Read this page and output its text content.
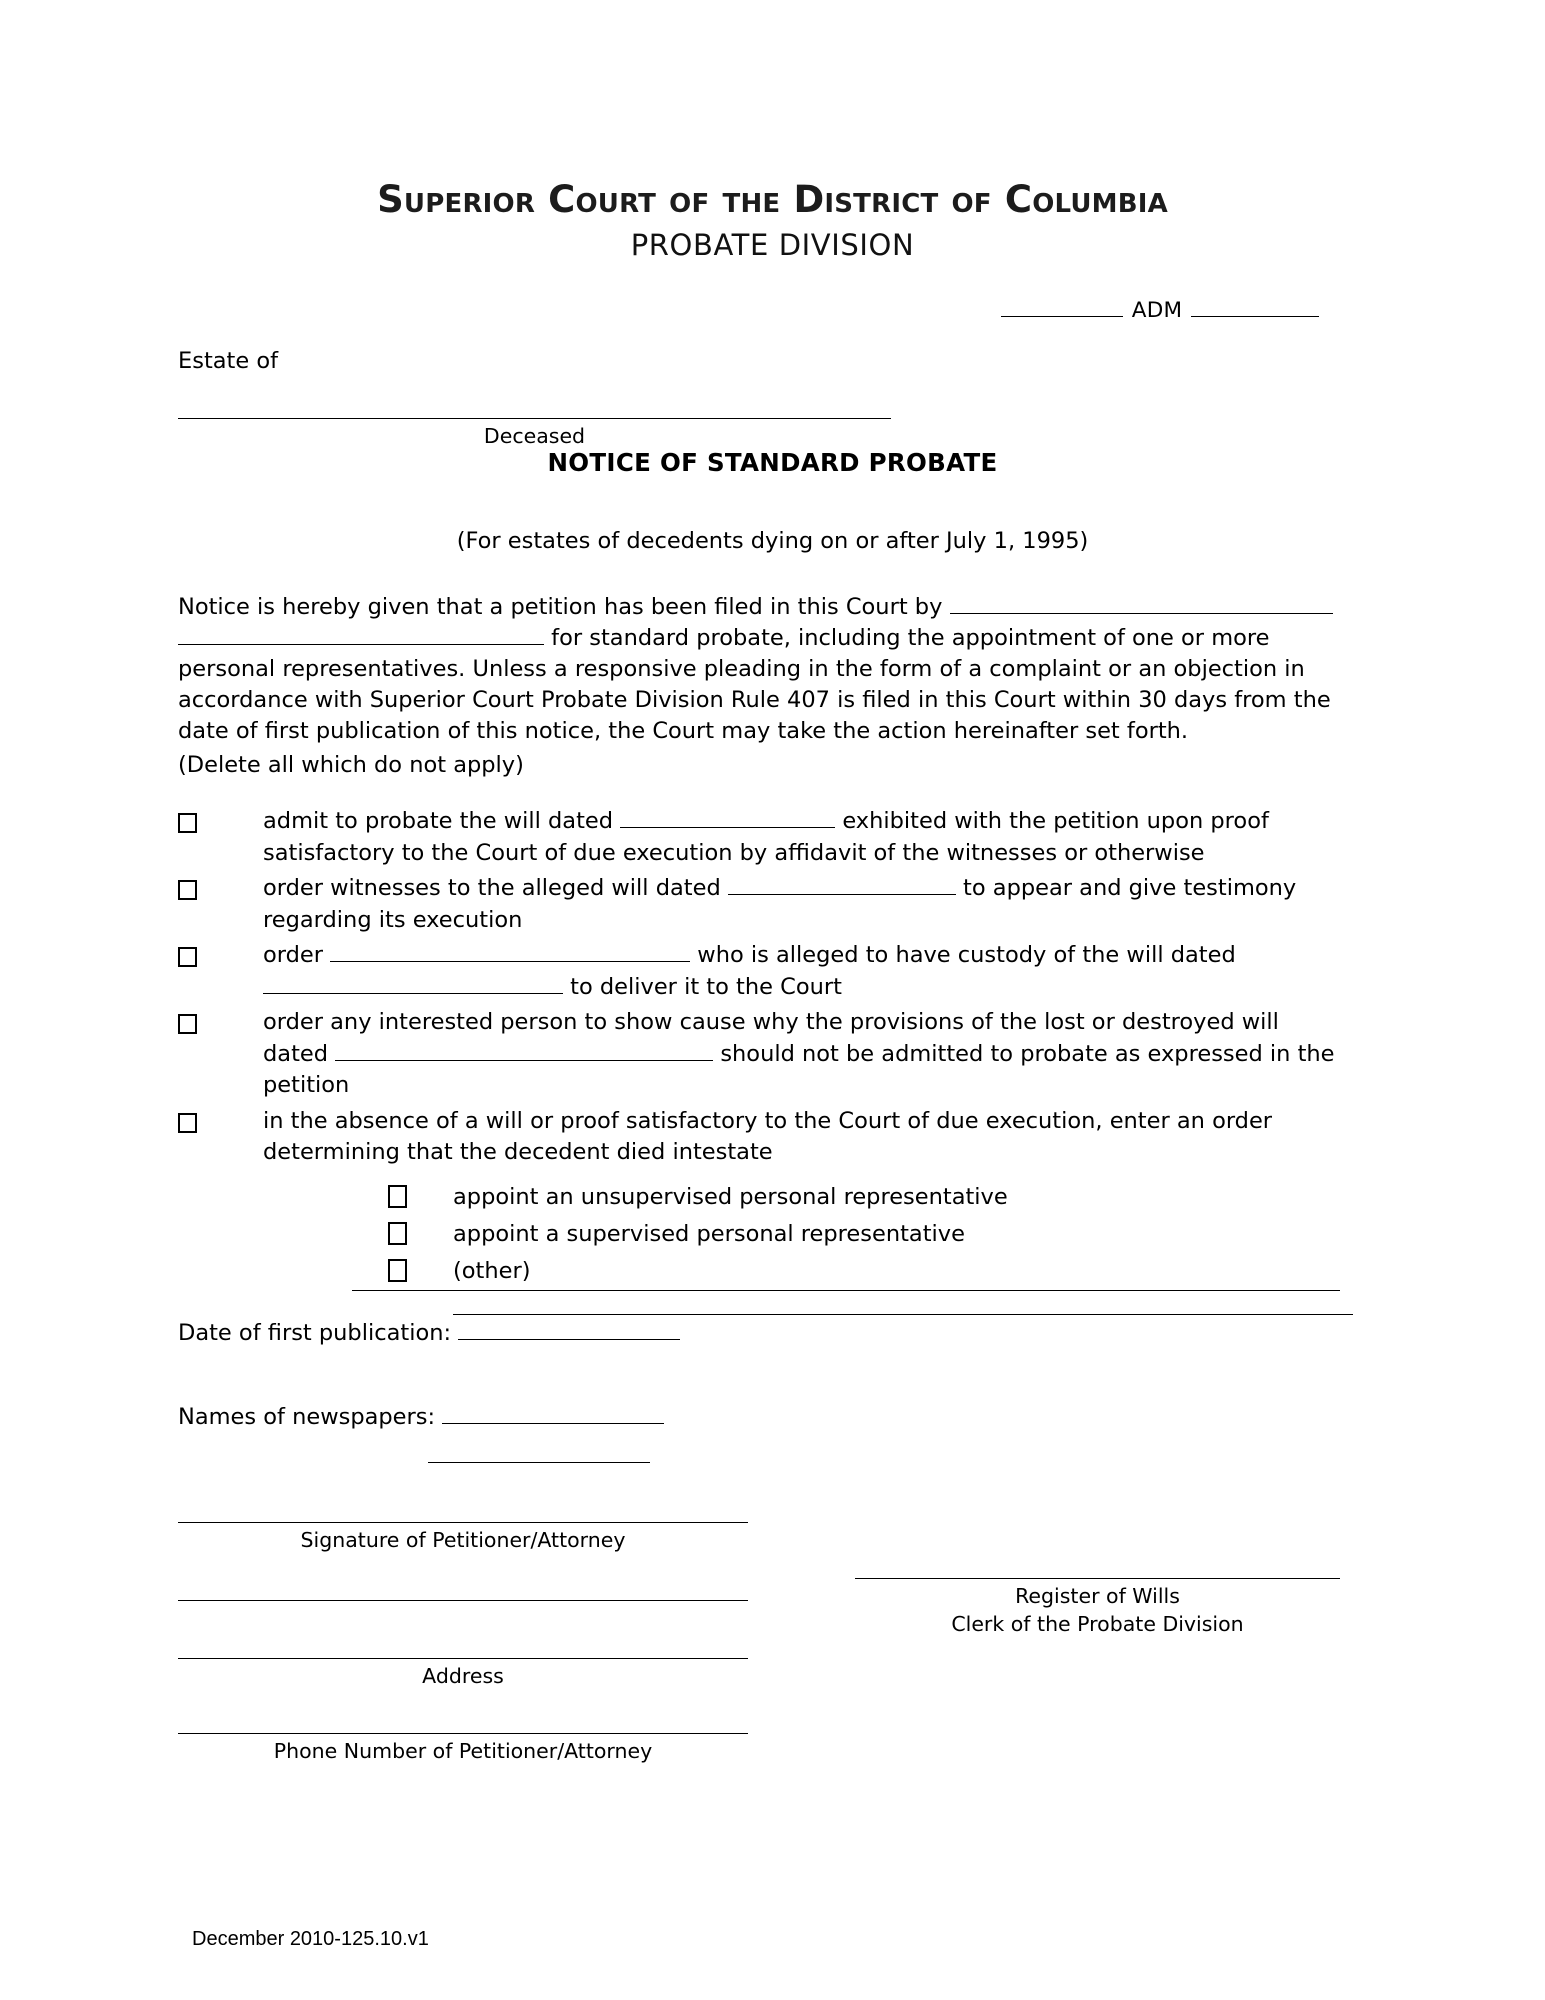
Superior Court of the District of Columbia
PROBATE DIVISION
ADM
Estate of
Deceased
NOTICE OF STANDARD PROBATE
(For estates of decedents dying on or after July 1, 1995)
Notice is hereby given that a petition has been filed in this Court by  for standard probate, including the appointment of one or more personal representatives. Unless a responsive pleading in the form of a complaint or an objection in accordance with Superior Court Probate Division Rule 407 is filed in this Court within 30 days from the date of first publication of this notice, the Court may take the action hereinafter set forth.
(Delete all which do not apply)
admit to probate the will dated	exhibited with the petition upon proof satisfactory to the Court of due execution by affidavit of the witnesses or otherwise
order witnesses to the alleged will dated	to appear and give testimony regarding its execution
order	who is alleged to have custody of the will dated  to deliver it to the Court
order any interested person to show cause why the provisions of the lost or destroyed will dated	should not be admitted to probate as expressed in the petition
in the absence of a will or proof satisfactory to the Court of due execution, enter an order determining that the decedent died intestate
appoint an unsupervised personal representative
appoint a supervised personal representative
(other)
Date of first publication:
Names of newspapers:
Signature of Petitioner/Attorney
Address
Phone Number of Petitioner/Attorney
Register of Wills
Clerk of the Probate Division
December 2010-125.10.v1
